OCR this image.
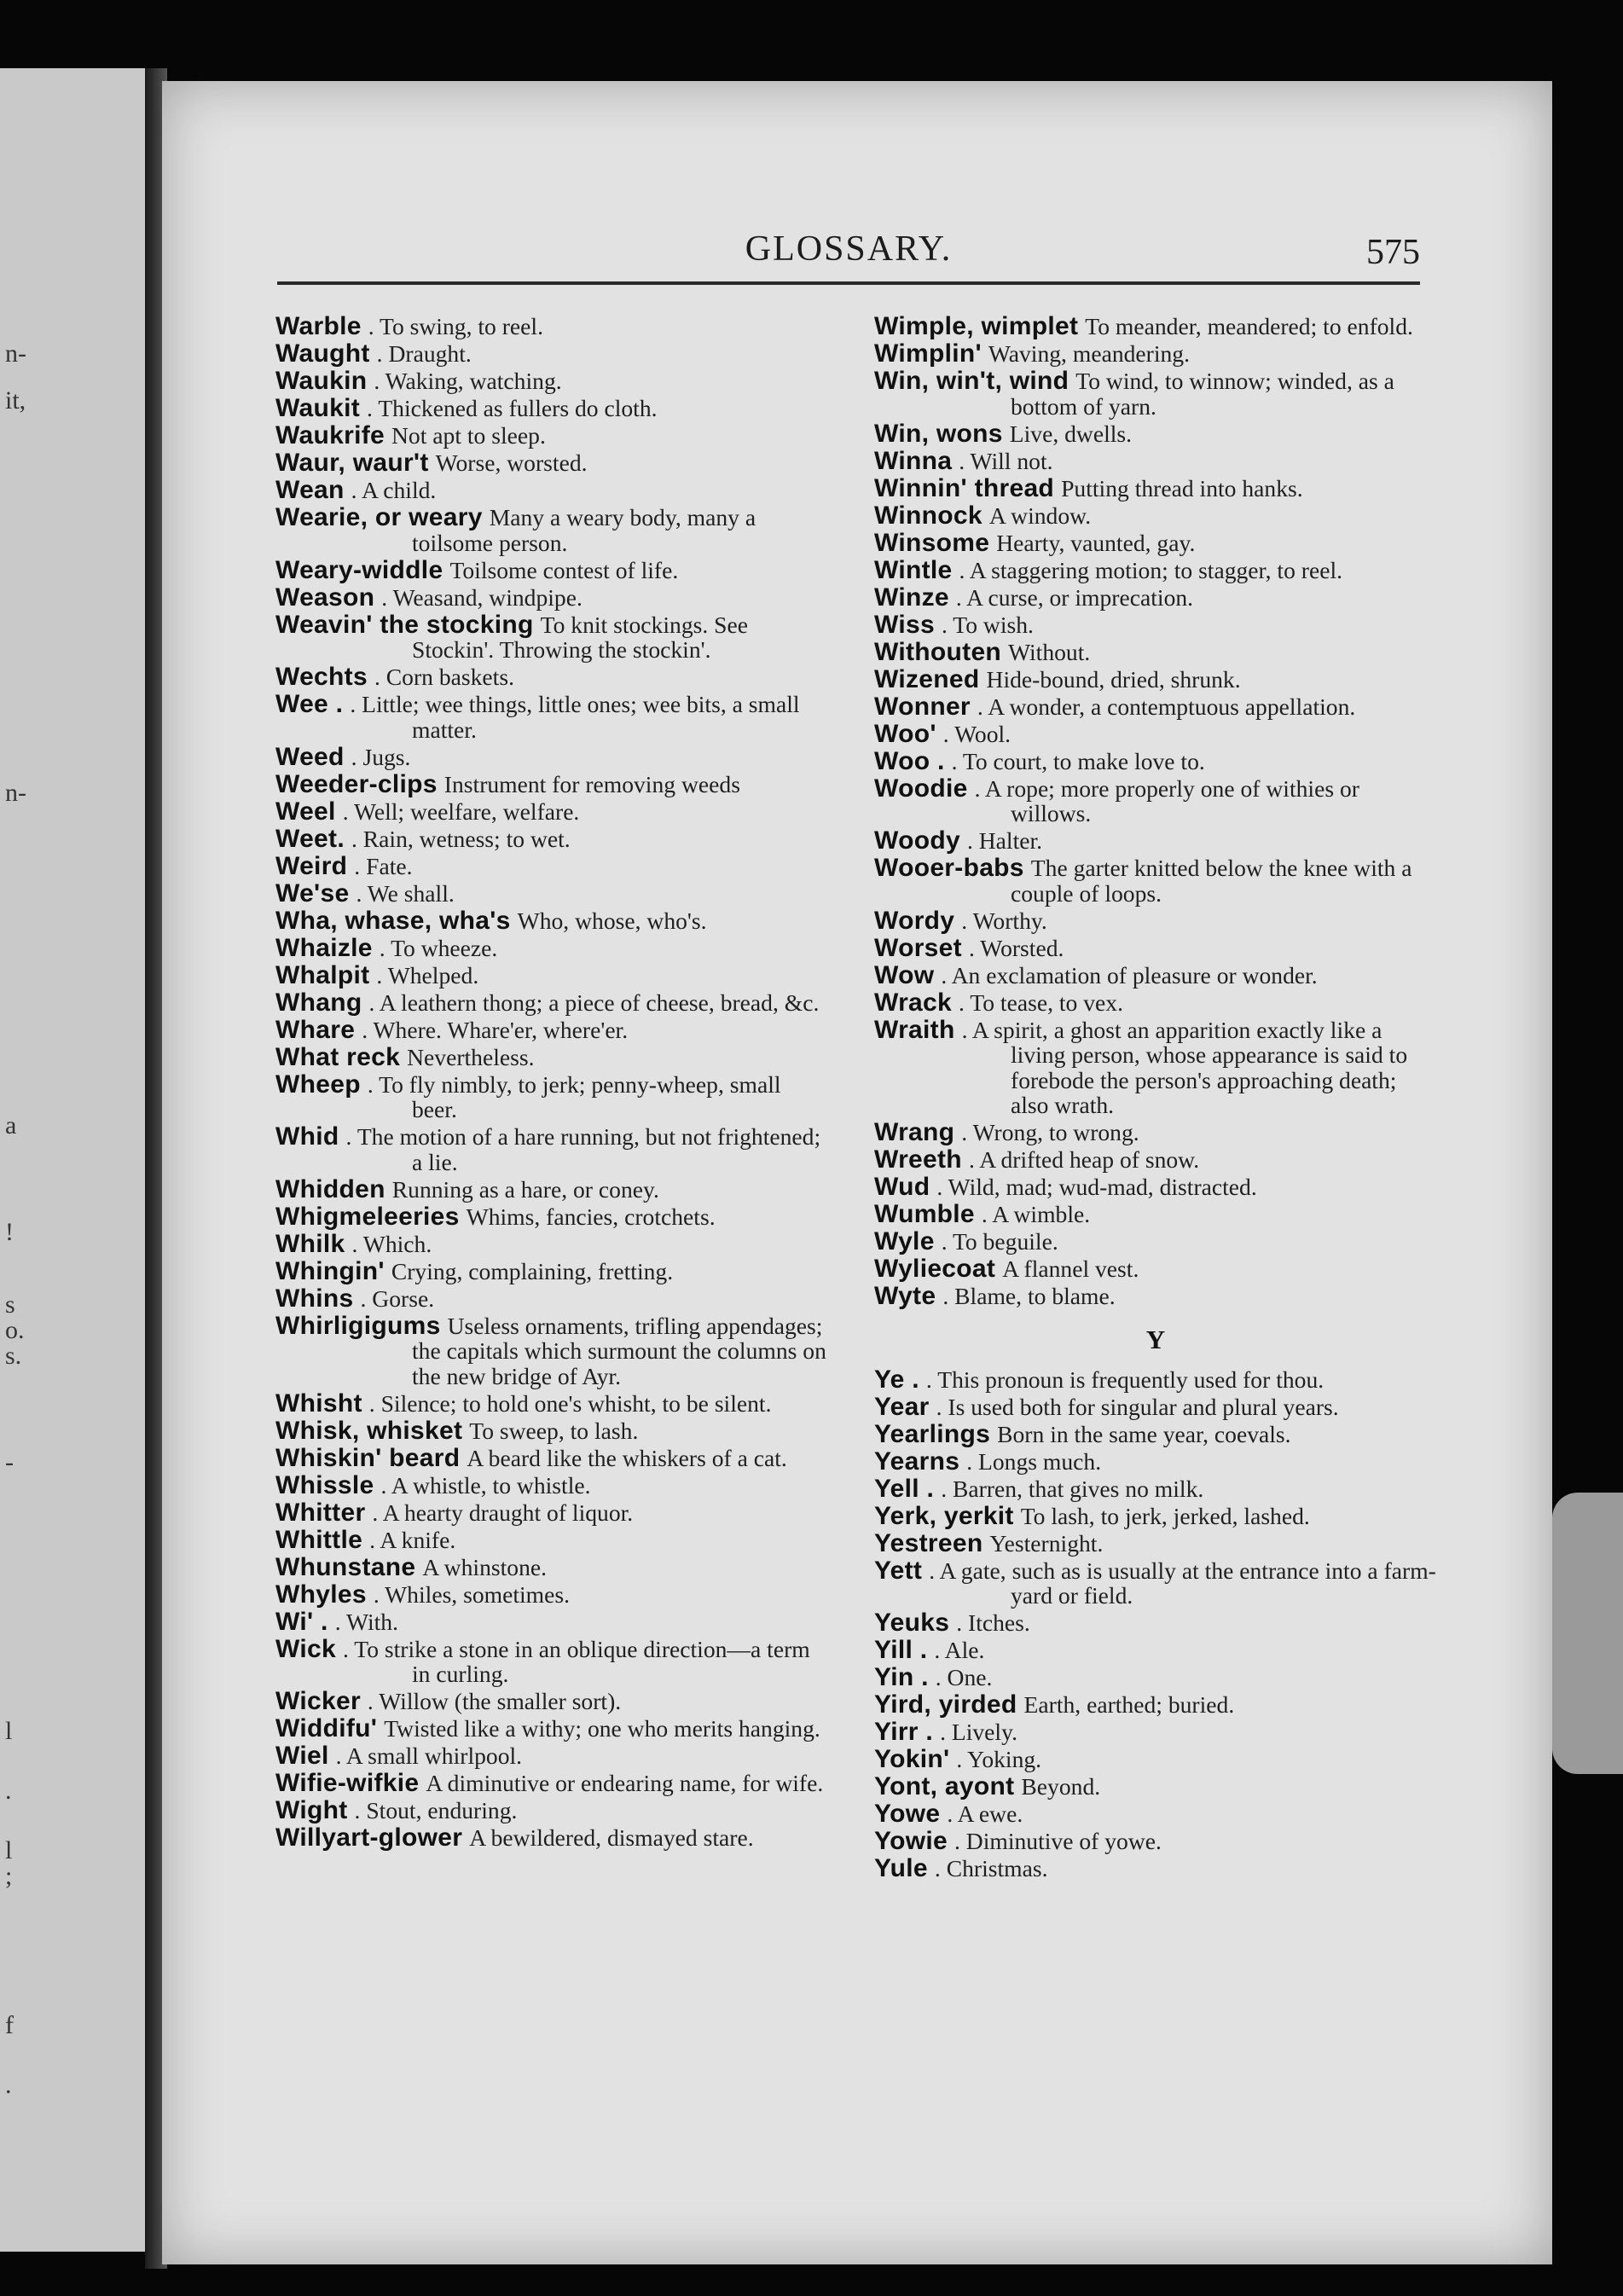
GLOSSARY.	575
n-
it,
n-
a
!
s
o.
s.
-
l
.
l
;
f
.
Warble . To swing, to reel.
Waught . Draught.
Waukin . Waking, watching.
Waukit . Thickened as fullers do cloth.
Waukrife Not apt to sleep.
Waur, waur't Worse, worsted.
Wean . A child.
Wearie, or weary Many a weary body, many a toilsome person.
Weary-widdle Toilsome contest of life.
Weason . Weasand, windpipe.
Weavin' the stocking To knit stockings. See Stockin'. Throwing the stockin'.
Wechts . Corn baskets.
Wee . . Little; wee things, little ones; wee bits, a small matter.
Weed . Jugs.
Weeder-clips Instrument for removing weeds
Weel . Well; weelfare, welfare.
Weet. . Rain, wetness; to wet.
Weird . Fate.
We'se . We shall.
Wha, whase, wha's Who, whose, who's.
Whaizle . To wheeze.
Whalpit . Whelped.
Whang . A leathern thong; a piece of cheese, bread, &c.
Whare . Where. Whare'er, where'er.
What reck Nevertheless.
Wheep . To fly nimbly, to jerk; penny-wheep, small beer.
Whid . The motion of a hare running, but not frightened; a lie.
Whidden Running as a hare, or coney.
Whigmeleeries Whims, fancies, crotchets.
Whilk . Which.
Whingin' Crying, complaining, fretting.
Whins . Gorse.
Whirligigums Useless ornaments, trifling appendages; the capitals which surmount the columns on the new bridge of Ayr.
Whisht . Silence; to hold one's whisht, to be silent.
Whisk, whisket To sweep, to lash.
Whiskin' beard A beard like the whiskers of a cat.
Whissle . A whistle, to whistle.
Whitter . A hearty draught of liquor.
Whittle . A knife.
Whunstane A whinstone.
Whyles . Whiles, sometimes.
Wi' . . With.
Wick . To strike a stone in an oblique direction—a term in curling.
Wicker . Willow (the smaller sort).
Widdifu' Twisted like a withy; one who merits hanging.
Wiel . A small whirlpool.
Wifie-wifkie A diminutive or endearing name, for wife.
Wight . Stout, enduring.
Willyart-glower A bewildered, dismayed stare.
Wimple, wimplet To meander, meandered; to enfold.
Wimplin' Waving, meandering.
Win, win't, wind To wind, to winnow; winded, as a bottom of yarn.
Win, wons Live, dwells.
Winna . Will not.
Winnin' thread Putting thread into hanks.
Winnock A window.
Winsome Hearty, vaunted, gay.
Wintle . A staggering motion; to stagger, to reel.
Winze . A curse, or imprecation.
Wiss . To wish.
Withouten Without.
Wizened Hide-bound, dried, shrunk.
Wonner . A wonder, a contemptuous appellation.
Woo' . Wool.
Woo . . To court, to make love to.
Woodie . A rope; more properly one of withies or willows.
Woody . Halter.
Wooer-babs The garter knitted below the knee with a couple of loops.
Wordy . Worthy.
Worset . Worsted.
Wow . An exclamation of pleasure or wonder.
Wrack . To tease, to vex.
Wraith . A spirit, a ghost an apparition exactly like a living person, whose appearance is said to forebode the person's approaching death; also wrath.
Wrang . Wrong, to wrong.
Wreeth . A drifted heap of snow.
Wud . Wild, mad; wud-mad, distracted.
Wumble . A wimble.
Wyle . To beguile.
Wyliecoat A flannel vest.
Wyte . Blame, to blame.
Y
Ye . . This pronoun is frequently used for thou.
Year . Is used both for singular and plural years.
Yearlings Born in the same year, coevals.
Yearns . Longs much.
Yell . . Barren, that gives no milk.
Yerk, yerkit To lash, to jerk, jerked, lashed.
Yestreen Yesternight.
Yett . A gate, such as is usually at the entrance into a farm-yard or field.
Yeuks . Itches.
Yill . . Ale.
Yin . . One.
Yird, yirded Earth, earthed; buried.
Yirr . . Lively.
Yokin' . Yoking.
Yont, ayont Beyond.
Yowe . A ewe.
Yowie . Diminutive of yowe.
Yule . Christmas.
